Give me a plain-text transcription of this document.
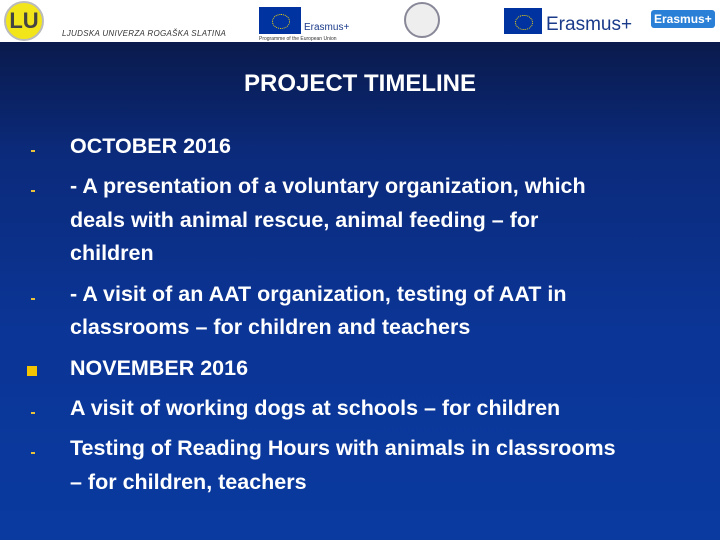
LU
LJUDSKA UNIVERZA ROGAŠKA SLATINA
Erasmus+
Programme of the European Union
Erasmus+ Erasmus+
PROJECT TIMELINE
OCTOBER 2016
- A presentation of a voluntary organization, which
deals with animal rescue, animal feeding – for
children
- A visit of an AAT organization, testing of AAT in
classrooms – for children and teachers
NOVEMBER 2016
A visit of working dogs at schools – for children
Testing of Reading Hours with animals in classrooms
– for children, teachers
